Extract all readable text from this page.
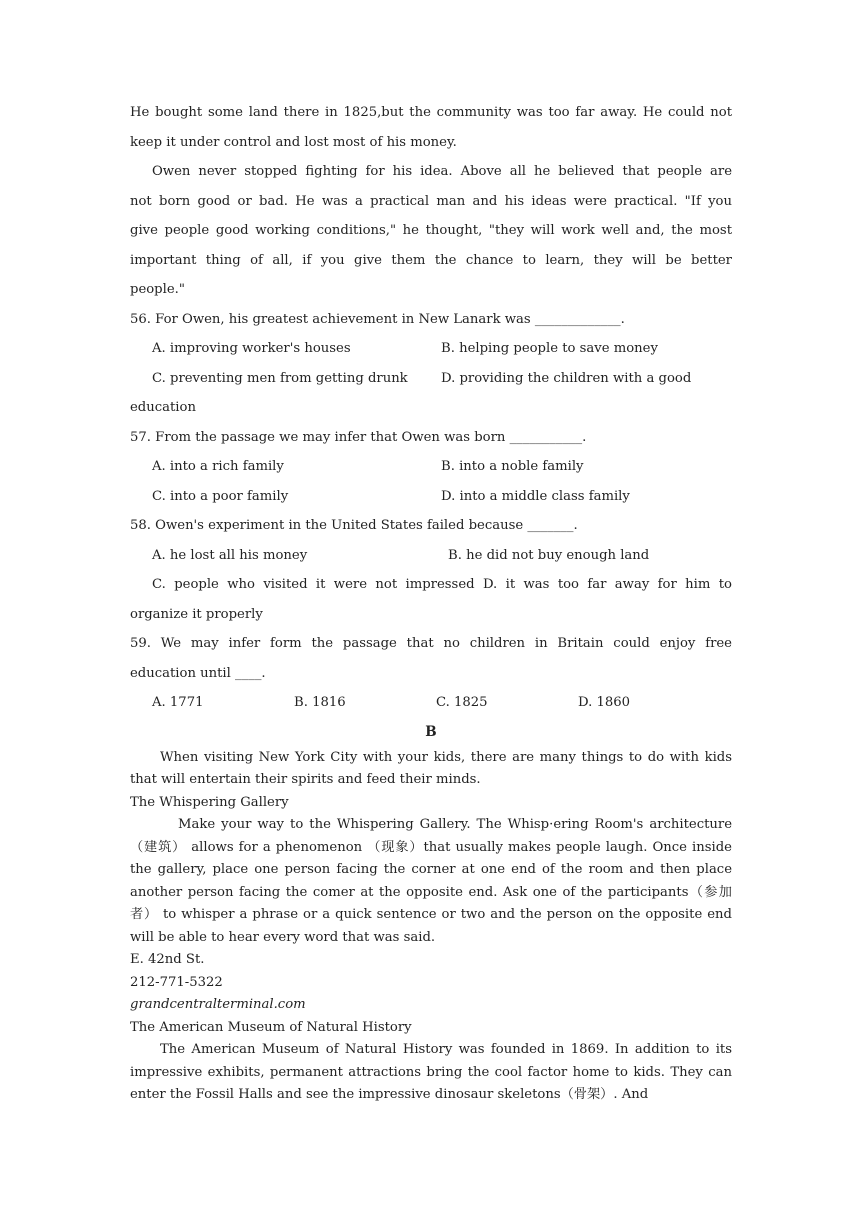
He bought some land there in 1825,but the community was too far away. He could not
keep it under control and lost most of his money.
Owen never stopped fighting for his idea. Above all he believed that people are
not born good or bad. He was a practical man and his ideas were practical. "If you
give people good working conditions," he thought, "they will work well and, the most
important thing of all, if you give them the chance to learn, they will be better
people."
56. For Owen, his greatest achievement in New Lanark was _____________.
A. improving worker's houses	B. helping people to save money
C. preventing men from getting drunk	D. providing the children with a good
education
57. From the passage we may infer that Owen was born ___________.
A. into a rich family	B. into a noble family
C. into a poor family	D. into a middle class family
58. Owen's experiment in the United States failed because _______.
A. he lost all his money	B. he did not buy enough land
C. people who visited it were not impressed D. it was too far away for him to
organize it properly
59. We may infer form the passage that no children in Britain could enjoy free
education until ____.
A. 1771	B. 1816	C. 1825	D. 1860
B
When visiting New York City with your kids, there are many things to do with kids that will entertain their spirits and feed their minds.
The Whispering Gallery
Make your way to the Whispering Gallery. The Whisp·ering Room's architecture（建筑） allows for a phenomenon （现象）that usually makes people laugh. Once inside the gallery, place one person facing the corner at one end of the room and then place another person facing the comer at the opposite end. Ask one of the participants（参加者） to whisper a phrase or a quick sentence or two and the person on the opposite end will be able to hear every word that was said.
E. 42nd St.
212-771-5322
grandcentralterminal.com
The American Museum of Natural History
The American Museum of Natural History was founded in 1869. In addition to its impressive exhibits, permanent attractions bring the cool factor home to kids. They can enter the Fossil Halls and see the impressive dinosaur skeletons（骨架）. And
